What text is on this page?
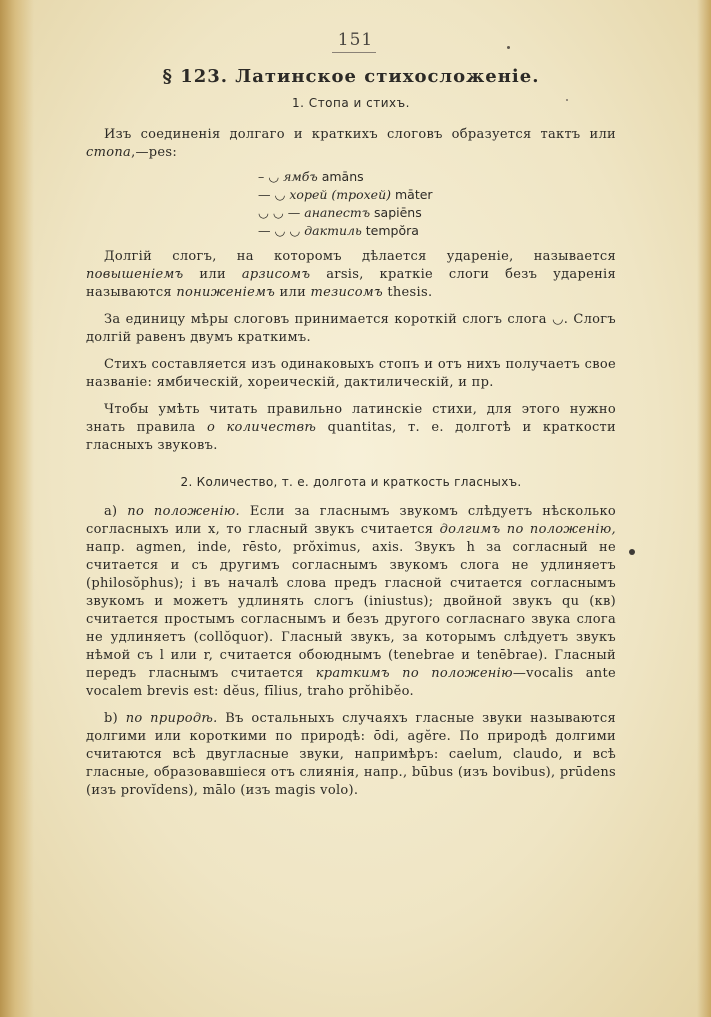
151
§ 123. Латинское стихосложеніе.
1. Стопа и стихъ.

Изъ соединенія долгаго и краткихъ слоговъ образуется тактъ или стопа,—pes:

– ◡ ямбъ amāns
— ◡ хорей (трохей) māter
◡ ◡ — анапестъ sapiēns
— ◡ ◡ дактиль tempŏra

Долгій слогъ, на которомъ дѣлается удареніе, называется повышеніемъ или арзисомъ arsis, краткіе слоги безъ ударенія называются пониженіемъ или тезисомъ thesis.

За единицу мѣры слоговъ принимается короткій слогъ слога ◡. Слогъ долгій равенъ двумъ краткимъ.

Стихъ составляется изъ одинаковыхъ стопъ и отъ нихъ получаетъ свое названіе: ямбическій, хореическій, дактилическій, и пр.

Чтобы умѣть читать правильно латинскіе стихи, для этого нужно знать правила о количествѣ quantitas, т. е. долготѣ и краткости гласныхъ звуковъ.

2. Количество, т. е. долгота и краткость гласныхъ.

а) по положенію. Если за гласнымъ звукомъ слѣдуетъ нѣсколько согласныхъ или x, то гласный звукъ считается долгимъ по положенію, напр. agmen, inde, rēsto, prŏximus, axis. Звукъ h за согласный не считается и съ другимъ согласнымъ звукомъ слога не удлиняетъ (philosŏphus); i въ началѣ слова предъ гласной считается согласнымъ звукомъ и можетъ удлинять слогъ (iniustus); двойной звукъ qu (кв) считается простымъ согласнымъ и безъ другого согласнаго звука слога не удлиняетъ (collŏquor). Гласный звукъ, за которымъ слѣдуетъ звукъ нѣмой съ l или r, считается обоюднымъ (tenebrae и tenēbrae). Гласный передъ гласнымъ считается краткимъ по положенію—vocalis ante vocalem brevis est: dĕus, fīlius, traho prŏhibĕo.

b) по природѣ. Въ остальныхъ случаяхъ гласные звуки называются долгими или короткими по природѣ: ōdi, agĕre. По природѣ долгими считаются всѣ двугласные звуки, напримѣръ: caelum, claudo, и всѣ гласные, образовавшіеся отъ слиянія, напр., būbus (изъ bovibus), prūdens (изъ provĭdens), mālo (изъ magis volo).
